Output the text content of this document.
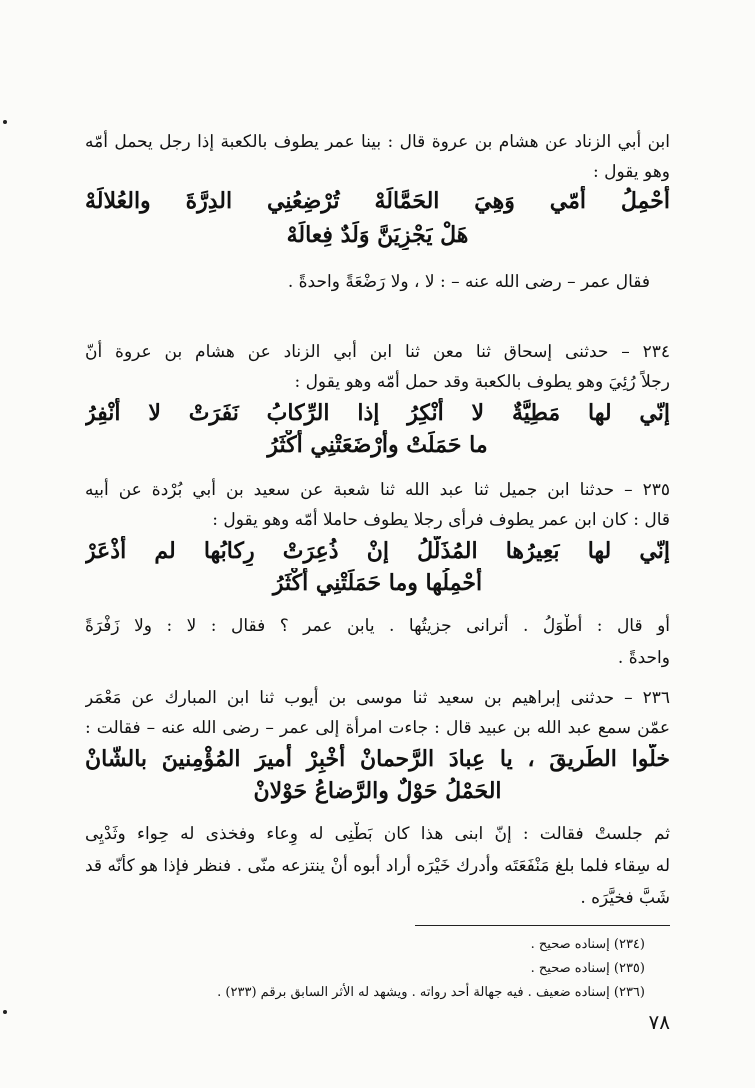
ابن أبي الزناد عن هشام بن عروة قال : بينا عمر يطوف بالكعبة إذا رجل يحمل أمّه
وهو يقول :
أحْمِلُ أُمّي وَهِيَ الحَمَّالَهْ تُرْضِعُنِي الدِرَّةَ والعُلالَهْ
هَلْ يَجْزِيَنَّ وَلَدٌ فِعالَهْ
فقال عمر – رضى الله عنه – : لا ، ولا رَضْعَةً واحدةً .
٢٣٤ – حدثنى إسحاق ثنا معن ثنا ابن أبي الزناد عن هشام بن عروة أنّ
رجلاً رُئِيَ وهو يطوف بالكعبة وقد حمل أُمّه وهو يقول :
إنّي لها مَطِيَّةٌ لا أُنْكِرُ إذا الرِّكابُ نَفَرَتْ لا أَنْفِرُ
ما حَمَلَتْ وأَرْضَعَتْنِي أَكْثَرُ
٢٣٥ – حدثنا ابن جميل ثنا عبد الله ثنا شعبة عن سعيد بن أبي بُرْدة عن أبيه
قال : كان ابن عمر يطوف فرأى رجلا يطوف حاملا أُمّه وهو يقول :
إنّي لها بَعِيرُها المُذَلَّلُ إنْ ذُعِرَتْ رِكابُها لم أُذْعَرْ
أَحْمِلُها وما حَمَلَتْنِي أكْثَرُ
أو قال : أَطْوَلُ . أترانى جزيتُها . يابن عمر ؟ فقال : لا : ولا زَفْرَةً
واحدةً .
٢٣٦ – حدثنى إبراهيم بن سعيد ثنا موسى بن أيوب ثنا ابن المبارك عن مَعْمَر
عمّن سمع عبد الله بن عبيد قال : جاءت امرأة إلى عمر – رضى الله عنه – فقالت :
خلّوا الطَريقَ ، يا عِبادَ الرَّحمانْ أُخْبِرْ أميرَ المُؤْمِنينَ بالشّانْ
الحَمْلُ حَوْلٌ والرَّضاعُ حَوْلانْ
ثم جلستْ فقالت : إنّ ابنى هذا كان بَطْنِى له وِعاء وفخذى له حِواء وثَدْيِى
له سِقاء فلما بلغ مَنْفَعَتَه وأدرك خَيْرَه أراد أبوه أنْ ينتزعه منّى . فنظر فإذا هو كأنّه قد
شَبَّ فخيَّرَه .
(٢٣٤) إسناده صحيح .
(٢٣٥) إسناده صحيح .
(٢٣٦) إسناده ضعيف . فيه جهالة أحد رواته . ويشهد له الأثر السابق برقم (٢٣٣) .
٧٨
